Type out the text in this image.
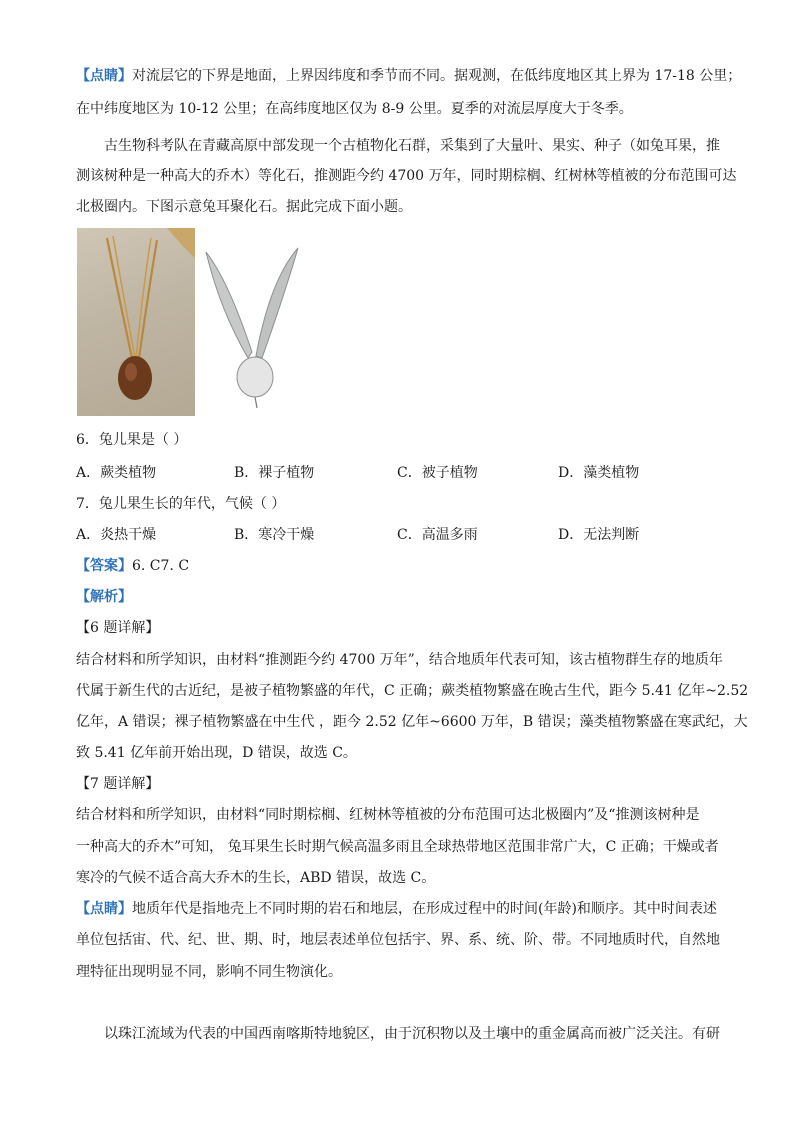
【点睛】对流层它的下界是地面，上界因纬度和季节而不同。据观测，在低纬度地区其上界为 17-18 公里；
在中纬度地区为 10-12 公里；在高纬度地区仅为 8-9 公里。夏季的对流层厚度大于冬季。
古生物科考队在青藏高原中部发现一个古植物化石群，采集到了大量叶、果实、种子（如兔耳果，推
测该树种是一种高大的乔木）等化石，推测距今约 4700 万年，同时期棕榈、红树林等植被的分布范围可达
北极圈内。下图示意兔耳聚化石。据此完成下面小题。
6．兔儿果是（ ）
A．蕨类植物	B．裸子植物	C．被子植物	D．藻类植物
7．兔儿果生长的年代，气候（ ）
A．炎热干燥	B．寒冷干燥	C．高温多雨	D．无法判断
【答案】6. C7. C
【解析】
【6 题详解】
结合材料和所学知识，由材料“推测距今约 4700 万年”，结合地质年代表可知，该古植物群生存的地质年
代属于新生代的古近纪，是被子植物繁盛的年代，C 正确；蕨类植物繁盛在晚古生代，距今 5.41 亿年~2.52
亿年，A 错误；裸子植物繁盛在中生代 ，距今 2.52 亿年~6600 万年，B 错误；藻类植物繁盛在寒武纪，大
致 5.41 亿年前开始出现，D 错误，故选 C。
【7 题详解】
结合材料和所学知识，由材料“同时期棕榈、红树林等植被的分布范围可达北极圈内”及“推测该树种是
一种高大的乔木”可知， 兔耳果生长时期气候高温多雨且全球热带地区范围非常广大，C 正确；干燥或者
寒冷的气候不适合高大乔木的生长，ABD 错误，故选 C。
【点睛】地质年代是指地壳上不同时期的岩石和地层，在形成过程中的时间(年龄)和顺序。其中时间表述
单位包括宙、代、纪、世、期、时，地层表述单位包括宇、界、系、统、阶、带。不同地质时代，自然地
理特征出现明显不同，影响不同生物演化。
以珠江流域为代表的中国西南喀斯特地貌区，由于沉积物以及土壤中的重金属高而被广泛关注。有研
